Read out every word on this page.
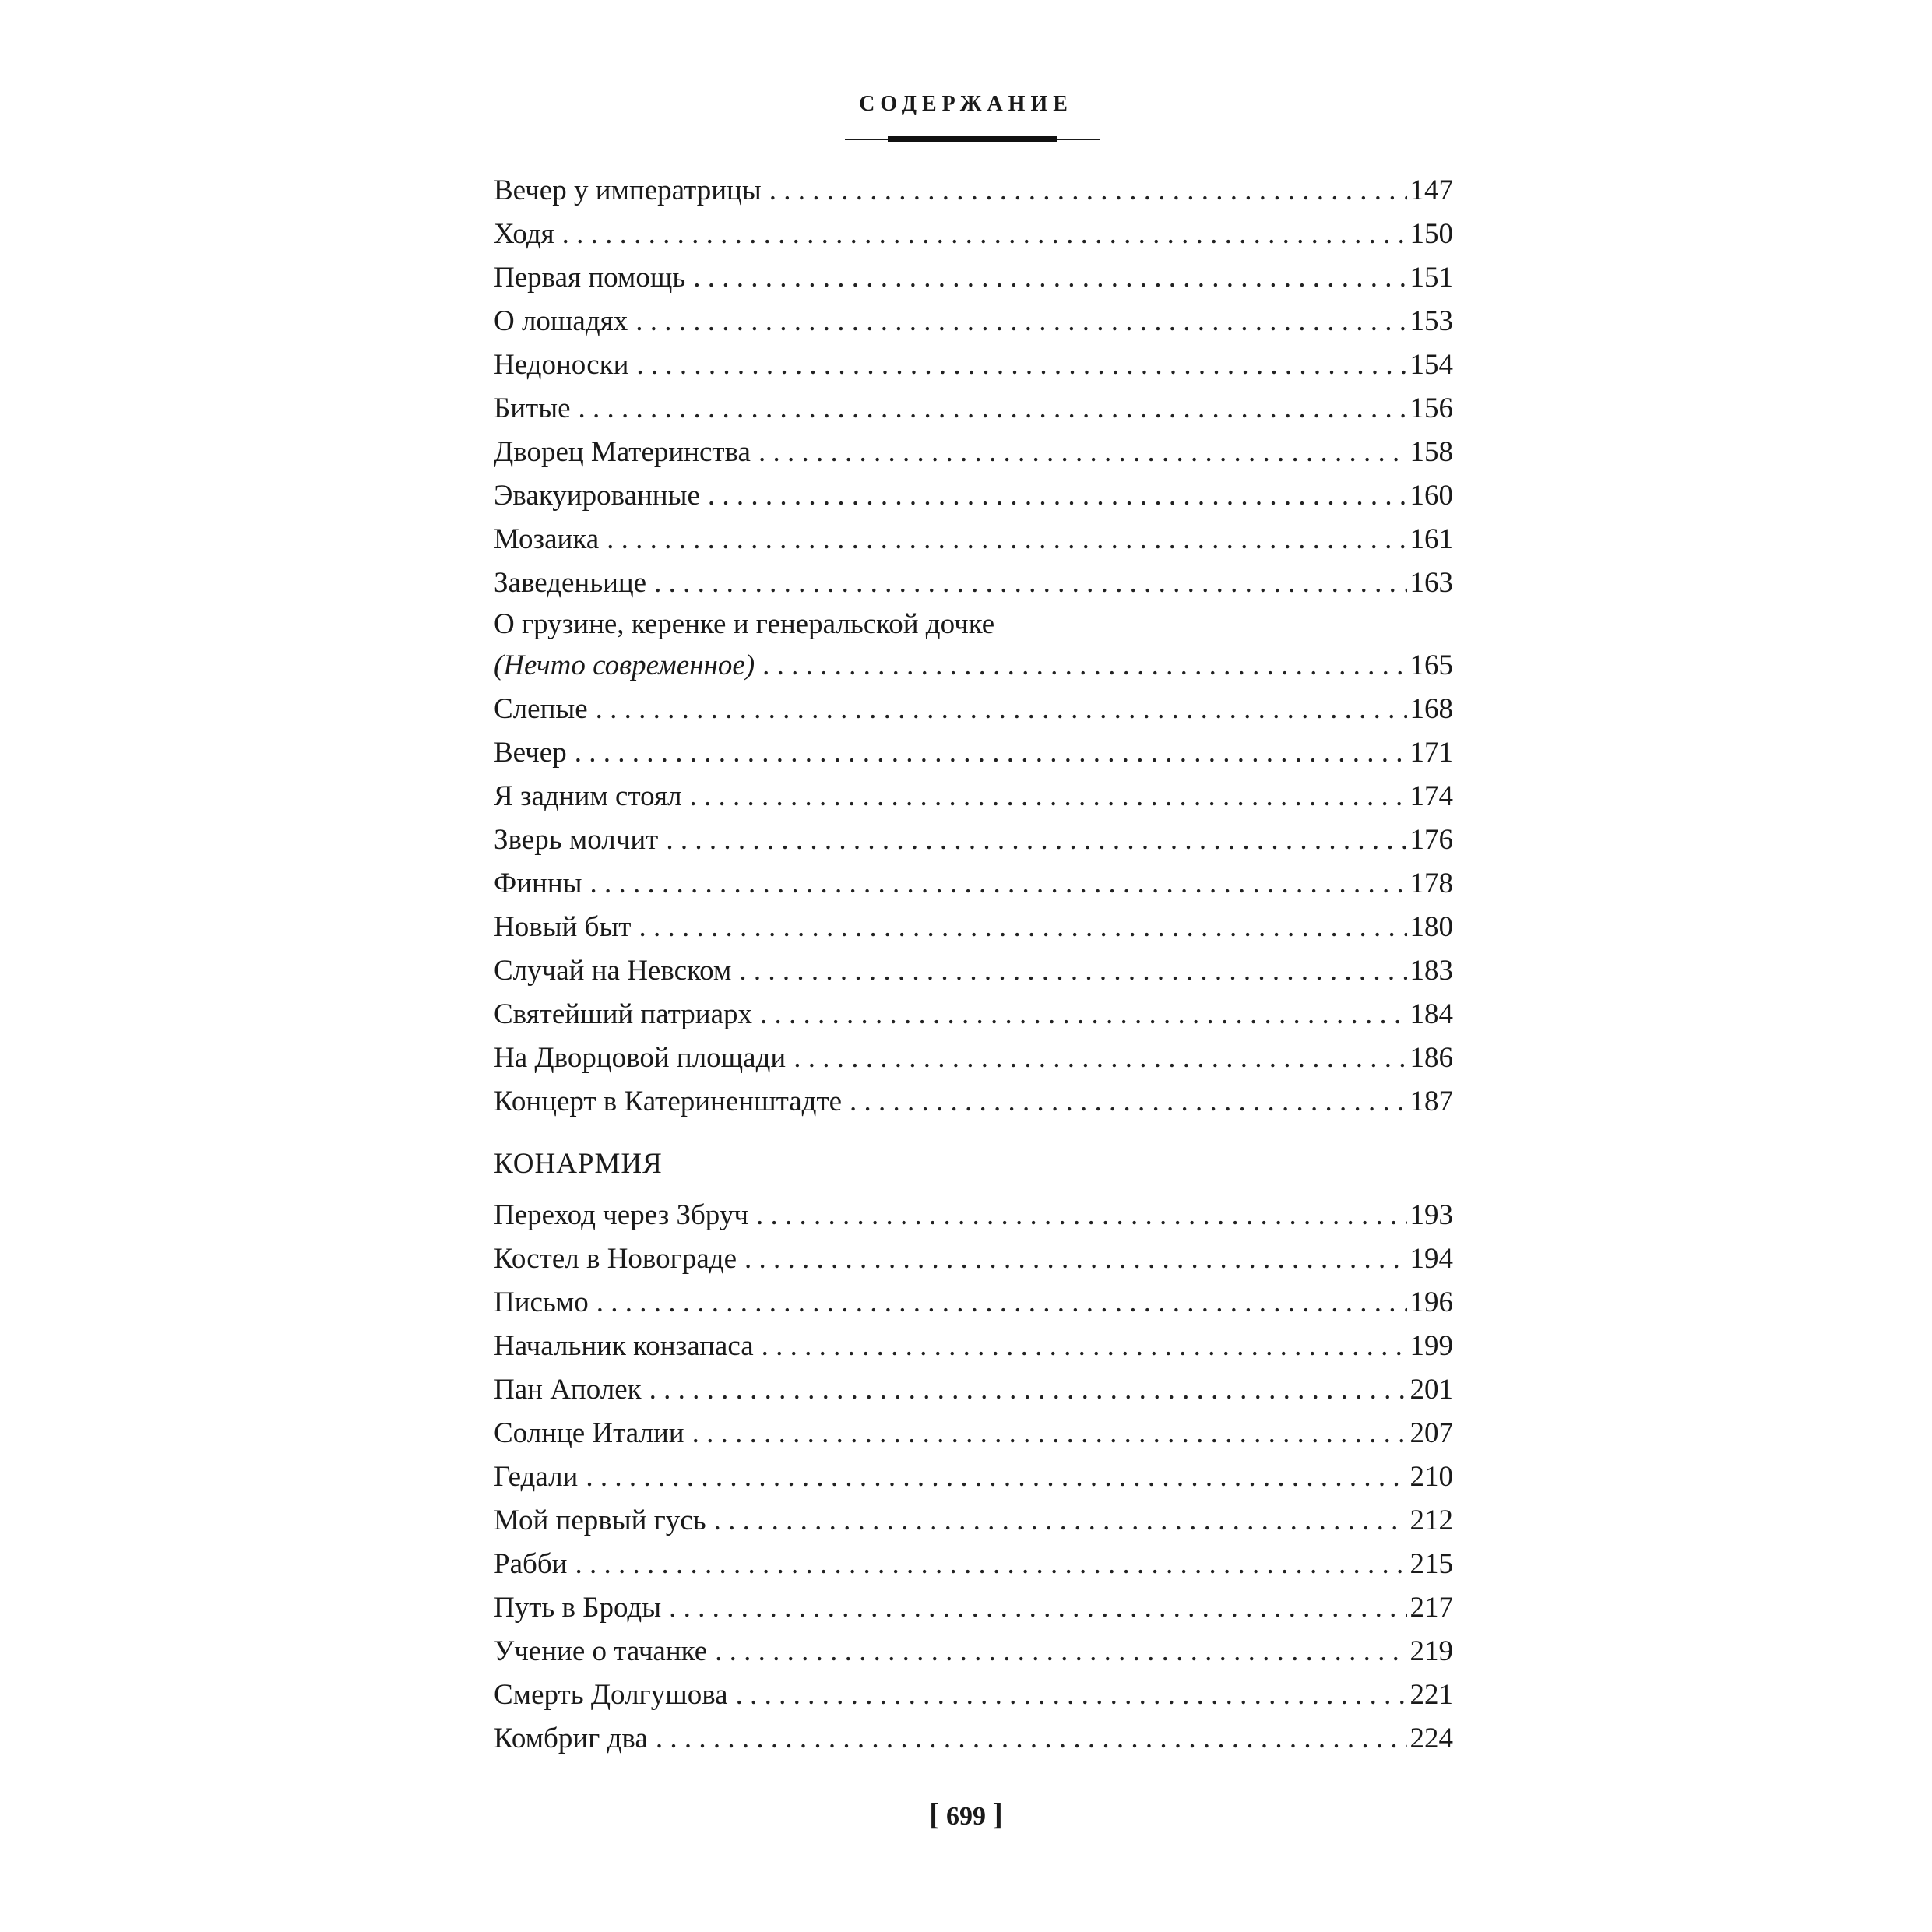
СОДЕРЖАНИЕ
Вечер у императрицы . . .	147
Ходя . . .	150
Первая помощь . . .	151
О лошадях . . .	153
Недоноски . . .	154
Битые . . .	156
Дворец Материнства . . .	158
Эвакуированные . . .	160
Мозаика . . .	161
Заведеньице . . .	163
О грузине, керенке и генеральской дочке
(Нечто современное) . . .	165
Слепые . . .	168
Вечер . . .	171
Я задним стоял . . .	174
Зверь молчит . . .	176
Финны . . .	178
Новый быт . . .	180
Случай на Невском . . .	183
Святейший патриарх . . .	184
На Дворцовой площади . . .	186
Концерт в Катериненштадте . . .	187
КОНАРМИЯ
Переход через Збруч . . .	193
Костел в Новограде . . .	194
Письмо . . .	196
Начальник конзапаса . . .	199
Пан Аполек . . .	201
Солнце Италии . . .	207
Гедали . . .	210
Мой первый гусь . . .	212
Рабби . . .	215
Путь в Броды . . .	217
Учение о тачанке . . .	219
Смерть Долгушова . . .	221
Комбриг два . . .	224
[ 699 ]
